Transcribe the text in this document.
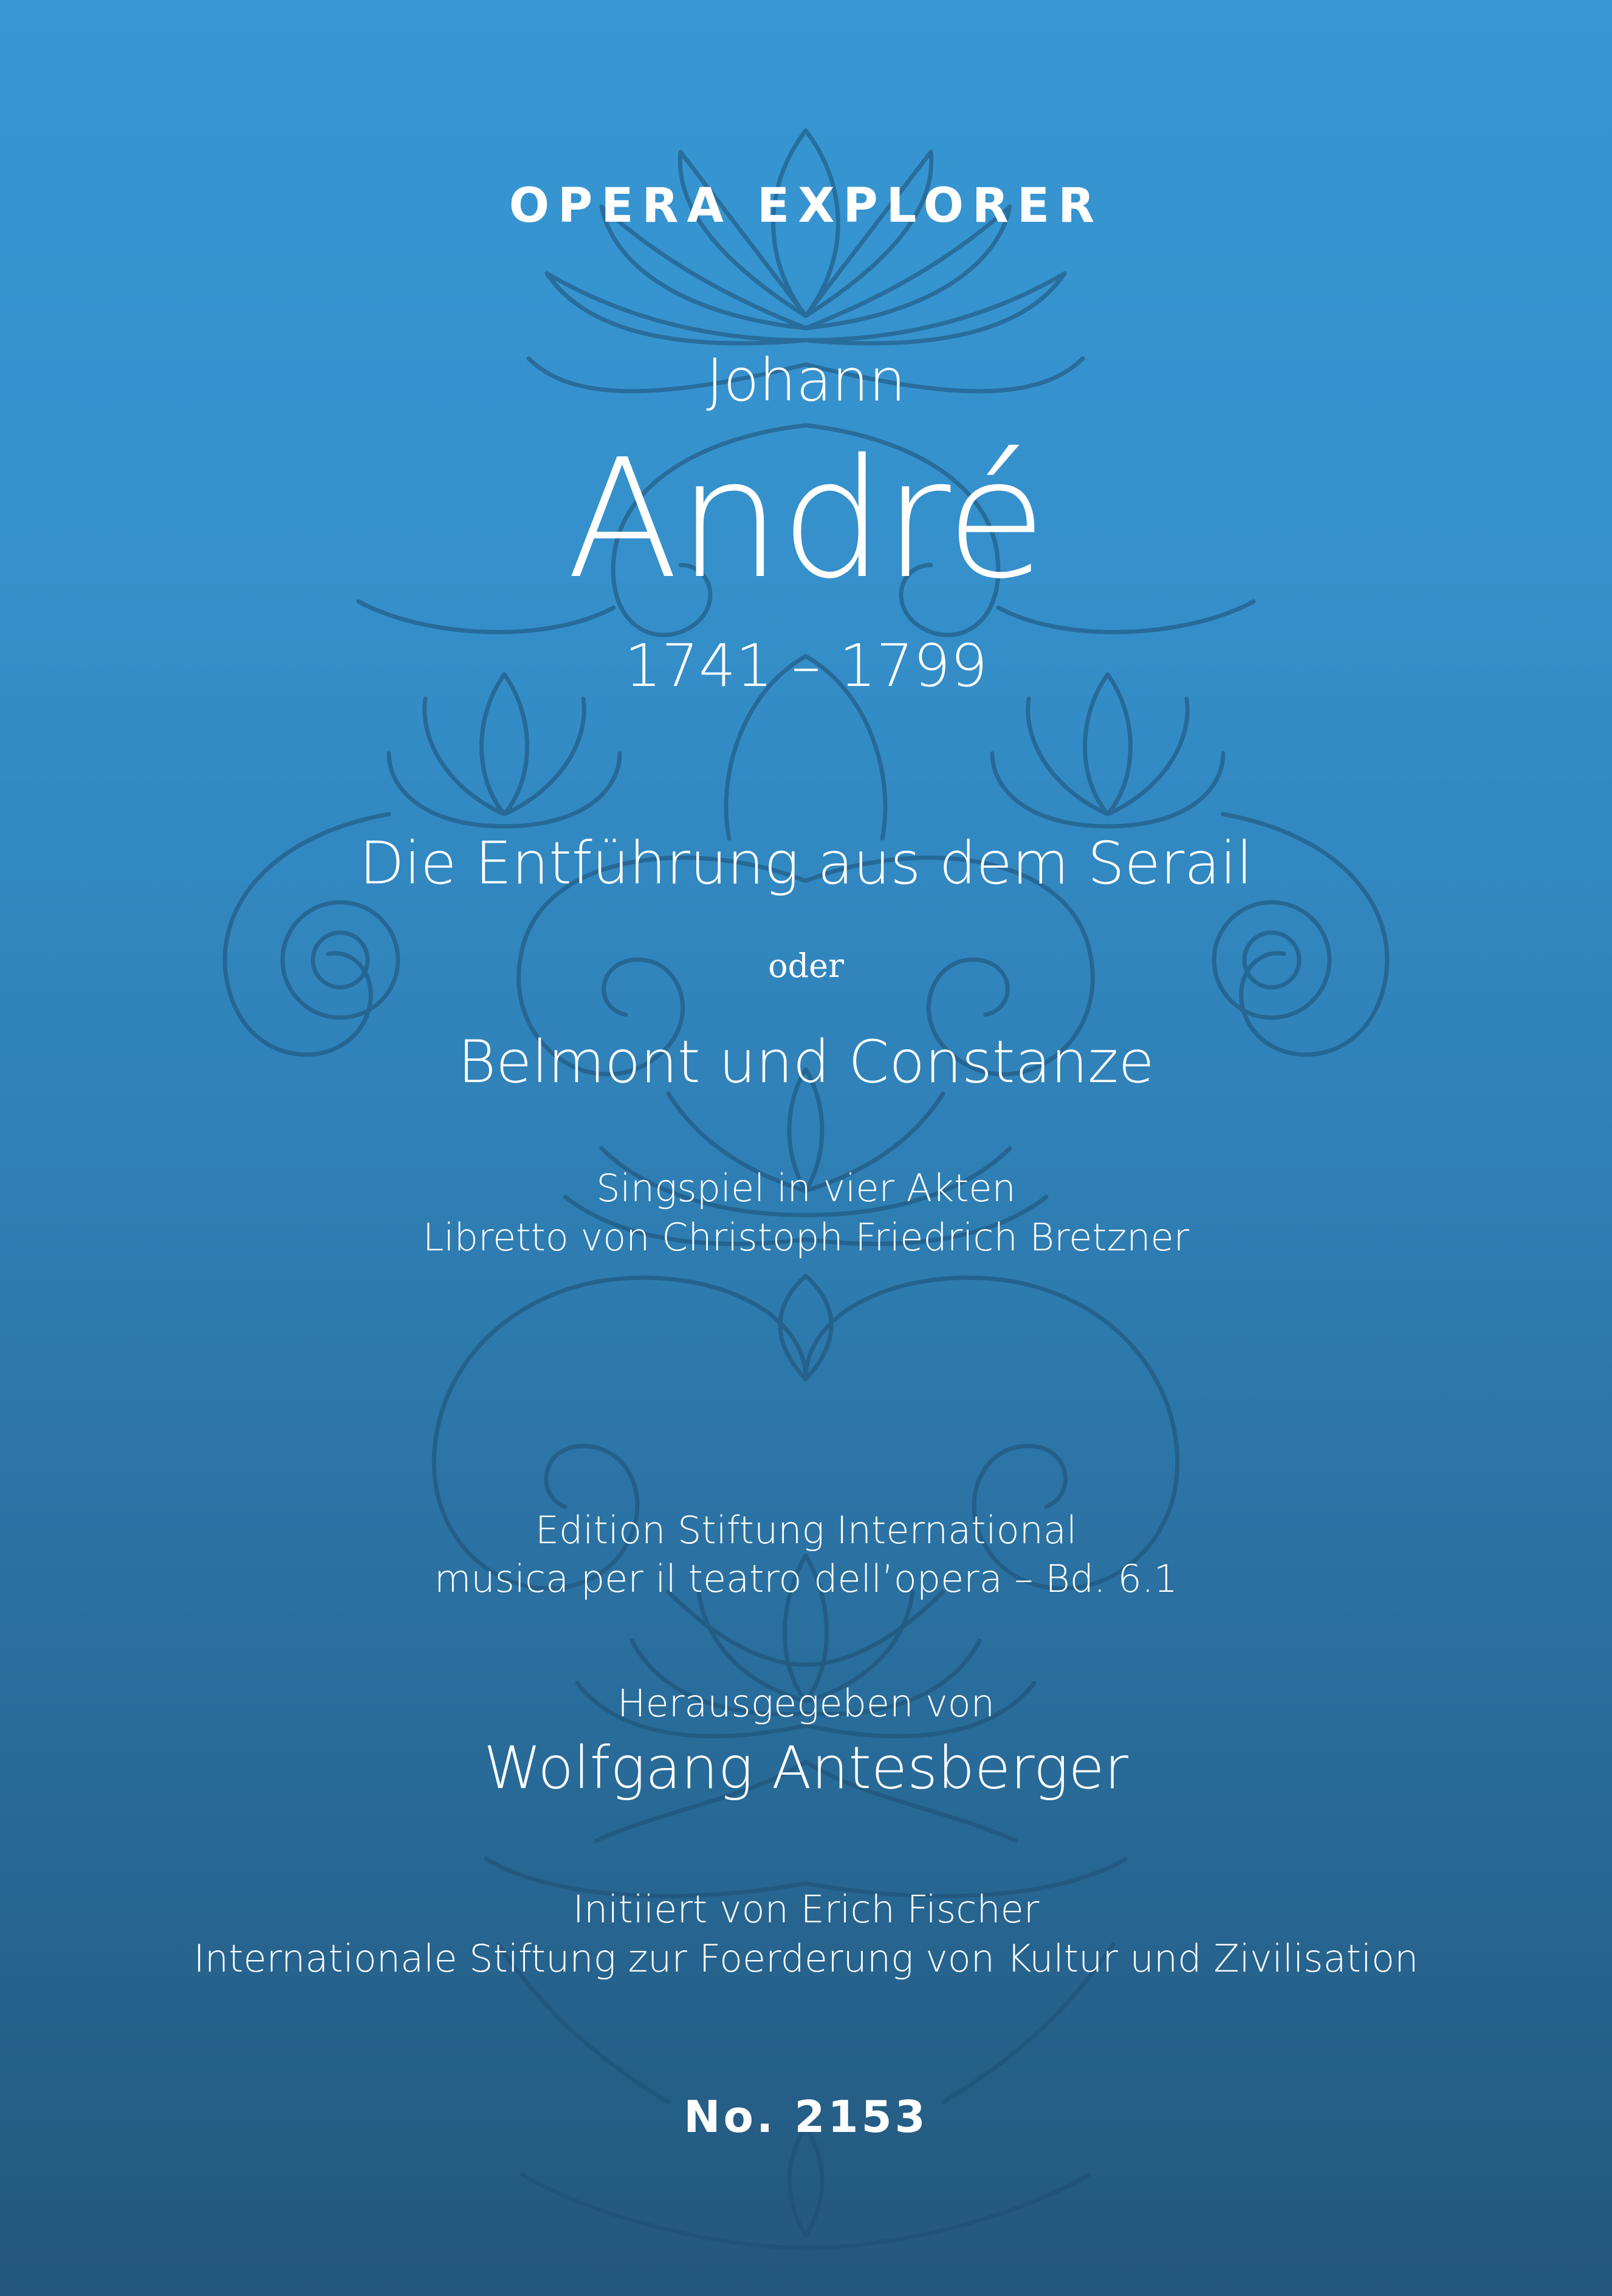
OPERA EXPLORER
Johann
André
1741 – 1799
Die Entführung aus dem Serail
oder
Belmont und Constanze
Singspiel in vier Akten
Libretto von Christoph Friedrich Bretzner
Edition Stiftung International
musica per il teatro dell’opera – Bd. 6.1
Herausgegeben von
Wolfgang Antesberger
Initiiert von Erich Fischer
Internationale Stiftung zur Foerderung von Kultur und Zivilisation
No. 2153
